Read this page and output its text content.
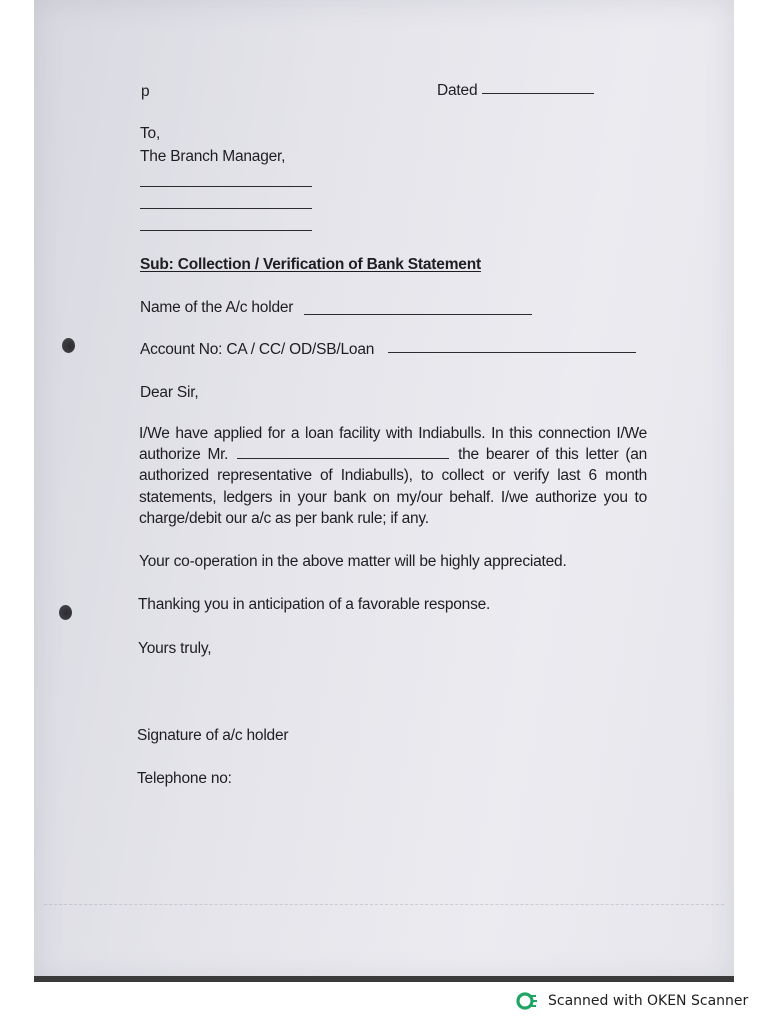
p	Dated
To,
The Branch Manager,
Sub: Collection / Verification of Bank Statement
Name of the A/c holder
Account No: CA / CC/ OD/SB/Loan
Dear Sir,
I/We have applied for a loan facility with Indiabulls. In this connection I/We authorize Mr.	the bearer of this letter (an authorized representative of Indiabulls), to collect or verify last 6 month statements, ledgers in your bank on my/our behalf. I/we authorize you to charge/debit our a/c as per bank rule; if any.
Your co-operation in the above matter will be highly appreciated.
Thanking you in anticipation of a favorable response.
Yours truly,
Signature of a/c holder
Telephone no:
Scanned with OKEN Scanner
